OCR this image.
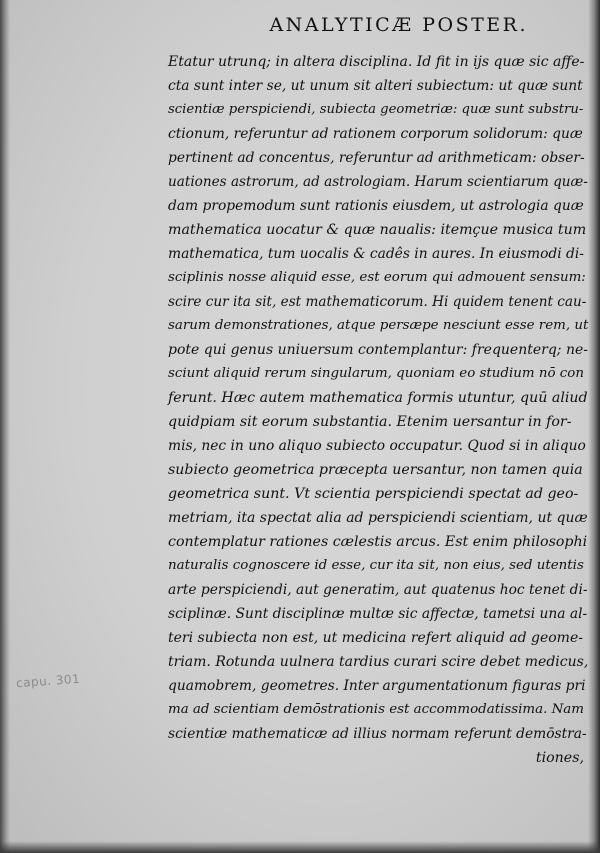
ANALYTICÆ POSTER.
capu. 301
Etatur utrunq; in altera disciplina. Id fit in ijs quæ sic affe-
cta sunt inter se, ut unum sit alteri subiectum: ut quæ sunt
scientiæ perspiciendi, subiecta geometriæ: quæ sunt substru-
ctionum, referuntur ad rationem corporum solidorum: quæ
pertinent ad concentus, referuntur ad arithmeticam: obser-
uationes astrorum, ad astrologiam. Harum scientiarum quæ-
dam propemodum sunt rationis eiusdem, ut astrologia quæ
mathematica uocatur & quæ naualis: itemçue musica tum
mathematica, tum uocalis & cadês in aures. In eiusmodi di-
sciplinis nosse aliquid esse, est eorum qui admouent sensum:
scire cur ita sit, est mathematicorum. Hi quidem tenent cau-
sarum demonstrationes, atque persæpe nesciunt esse rem, ut
pote qui genus uniuersum contemplantur: frequenterq; ne-
sciunt aliquid rerum singularum, quoniam eo studium nō con
ferunt. Hæc autem mathematica formis utuntur, quū aliud
quidpiam sit eorum substantia. Etenim uersantur in for-
mis, nec in uno aliquo subiecto occupatur. Quod si in aliquo
subiecto geometrica præcepta uersantur, non tamen quia
geometrica sunt. Vt scientia perspiciendi spectat ad geo-
metriam, ita spectat alia ad perspiciendi scientiam, ut quæ
contemplatur rationes cælestis arcus. Est enim philosophi
naturalis cognoscere id esse, cur ita sit, non eius, sed utentis
arte perspiciendi, aut generatim, aut quatenus hoc tenet di-
sciplinæ. Sunt disciplinæ multæ sic affectæ, tametsi una al-
teri subiecta non est, ut medicina refert aliquid ad geome-
triam. Rotunda uulnera tardius curari scire debet medicus,
quamobrem, geometres. Inter argumentationum figuras pri
ma ad scientiam demōstrationis est accommodatissima. Nam
scientiæ mathematicæ ad illius normam referunt demōstra-
tiones,
